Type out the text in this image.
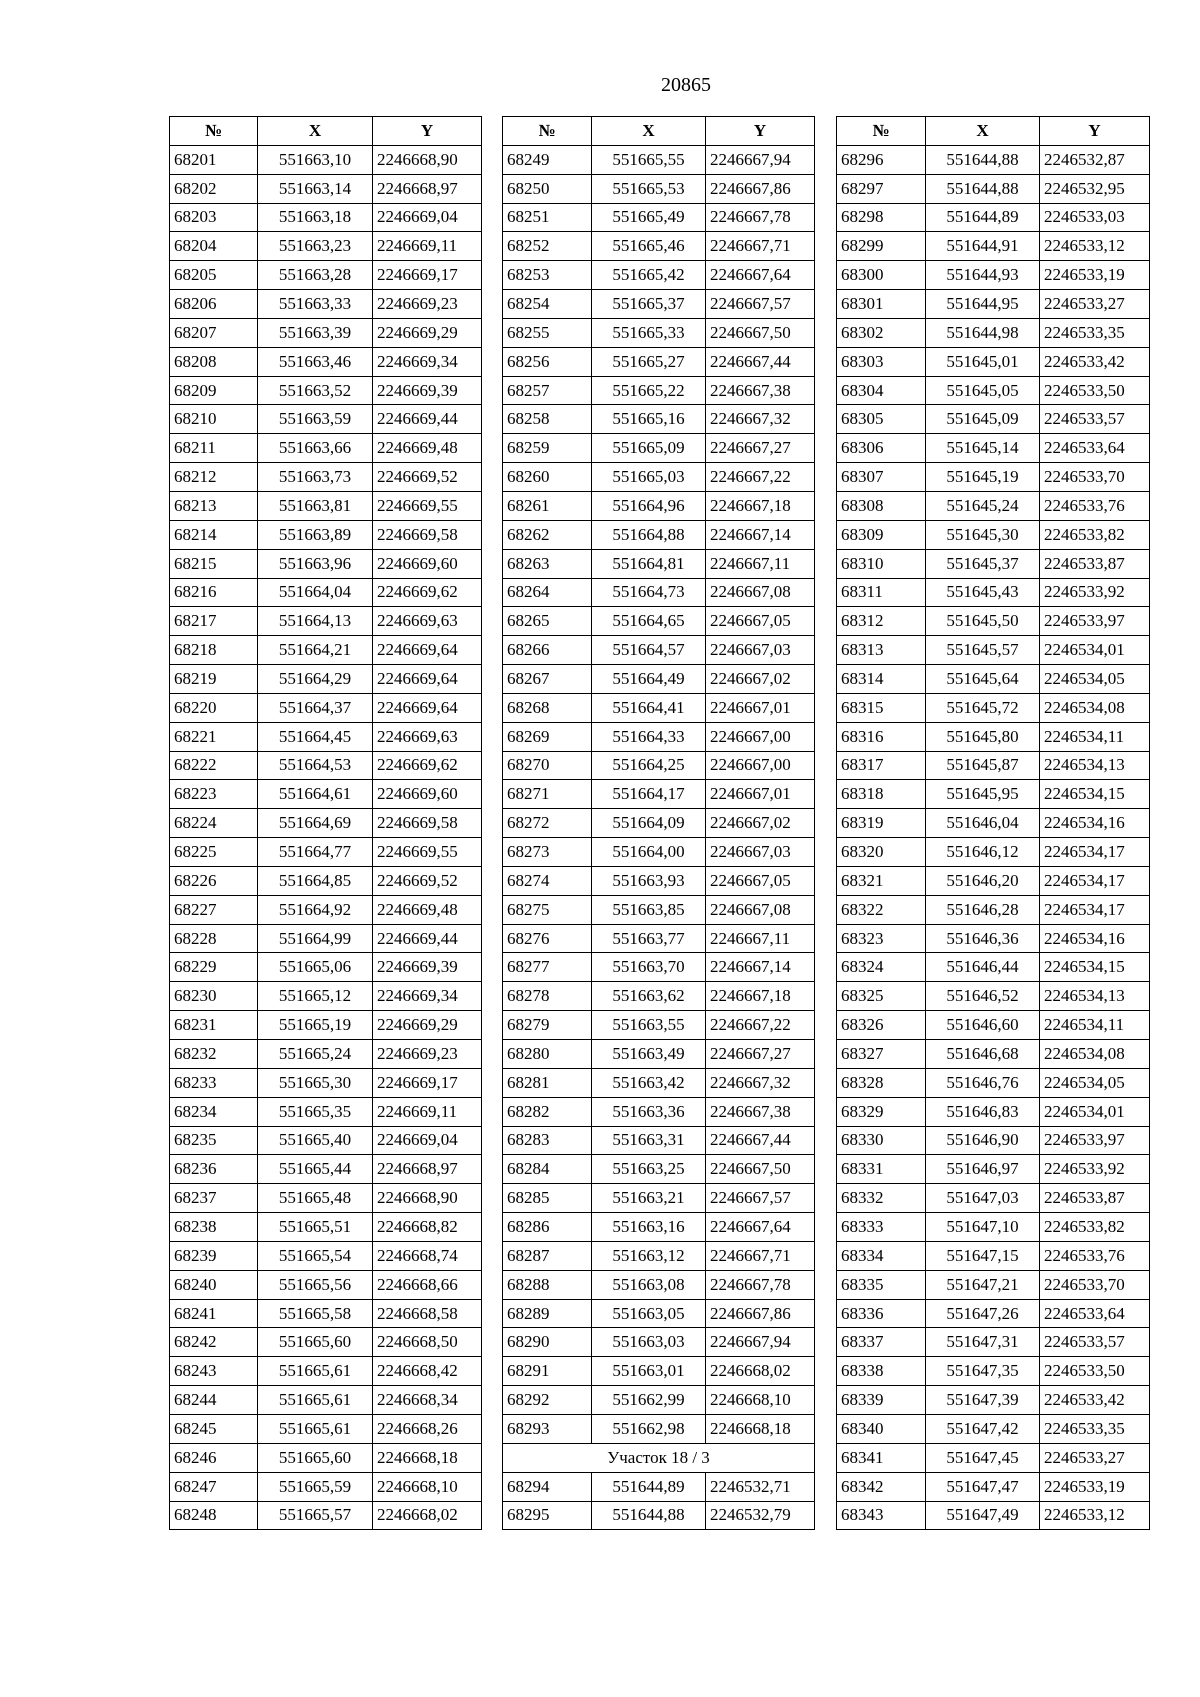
20865
№	X	Y
68201	551663,10	2246668,90
68202	551663,14	2246668,97
68203	551663,18	2246669,04
68204	551663,23	2246669,11
68205	551663,28	2246669,17
68206	551663,33	2246669,23
68207	551663,39	2246669,29
68208	551663,46	2246669,34
68209	551663,52	2246669,39
68210	551663,59	2246669,44
68211	551663,66	2246669,48
68212	551663,73	2246669,52
68213	551663,81	2246669,55
68214	551663,89	2246669,58
68215	551663,96	2246669,60
68216	551664,04	2246669,62
68217	551664,13	2246669,63
68218	551664,21	2246669,64
68219	551664,29	2246669,64
68220	551664,37	2246669,64
68221	551664,45	2246669,63
68222	551664,53	2246669,62
68223	551664,61	2246669,60
68224	551664,69	2246669,58
68225	551664,77	2246669,55
68226	551664,85	2246669,52
68227	551664,92	2246669,48
68228	551664,99	2246669,44
68229	551665,06	2246669,39
68230	551665,12	2246669,34
68231	551665,19	2246669,29
68232	551665,24	2246669,23
68233	551665,30	2246669,17
68234	551665,35	2246669,11
68235	551665,40	2246669,04
68236	551665,44	2246668,97
68237	551665,48	2246668,90
68238	551665,51	2246668,82
68239	551665,54	2246668,74
68240	551665,56	2246668,66
68241	551665,58	2246668,58
68242	551665,60	2246668,50
68243	551665,61	2246668,42
68244	551665,61	2246668,34
68245	551665,61	2246668,26
68246	551665,60	2246668,18
68247	551665,59	2246668,10
68248	551665,57	2246668,02
№	X	Y
68249	551665,55	2246667,94
68250	551665,53	2246667,86
68251	551665,49	2246667,78
68252	551665,46	2246667,71
68253	551665,42	2246667,64
68254	551665,37	2246667,57
68255	551665,33	2246667,50
68256	551665,27	2246667,44
68257	551665,22	2246667,38
68258	551665,16	2246667,32
68259	551665,09	2246667,27
68260	551665,03	2246667,22
68261	551664,96	2246667,18
68262	551664,88	2246667,14
68263	551664,81	2246667,11
68264	551664,73	2246667,08
68265	551664,65	2246667,05
68266	551664,57	2246667,03
68267	551664,49	2246667,02
68268	551664,41	2246667,01
68269	551664,33	2246667,00
68270	551664,25	2246667,00
68271	551664,17	2246667,01
68272	551664,09	2246667,02
68273	551664,00	2246667,03
68274	551663,93	2246667,05
68275	551663,85	2246667,08
68276	551663,77	2246667,11
68277	551663,70	2246667,14
68278	551663,62	2246667,18
68279	551663,55	2246667,22
68280	551663,49	2246667,27
68281	551663,42	2246667,32
68282	551663,36	2246667,38
68283	551663,31	2246667,44
68284	551663,25	2246667,50
68285	551663,21	2246667,57
68286	551663,16	2246667,64
68287	551663,12	2246667,71
68288	551663,08	2246667,78
68289	551663,05	2246667,86
68290	551663,03	2246667,94
68291	551663,01	2246668,02
68292	551662,99	2246668,10
68293	551662,98	2246668,18
Участок 18 / 3		
68294	551644,89	2246532,71
68295	551644,88	2246532,79
№	X	Y
68296	551644,88	2246532,87
68297	551644,88	2246532,95
68298	551644,89	2246533,03
68299	551644,91	2246533,12
68300	551644,93	2246533,19
68301	551644,95	2246533,27
68302	551644,98	2246533,35
68303	551645,01	2246533,42
68304	551645,05	2246533,50
68305	551645,09	2246533,57
68306	551645,14	2246533,64
68307	551645,19	2246533,70
68308	551645,24	2246533,76
68309	551645,30	2246533,82
68310	551645,37	2246533,87
68311	551645,43	2246533,92
68312	551645,50	2246533,97
68313	551645,57	2246534,01
68314	551645,64	2246534,05
68315	551645,72	2246534,08
68316	551645,80	2246534,11
68317	551645,87	2246534,13
68318	551645,95	2246534,15
68319	551646,04	2246534,16
68320	551646,12	2246534,17
68321	551646,20	2246534,17
68322	551646,28	2246534,17
68323	551646,36	2246534,16
68324	551646,44	2246534,15
68325	551646,52	2246534,13
68326	551646,60	2246534,11
68327	551646,68	2246534,08
68328	551646,76	2246534,05
68329	551646,83	2246534,01
68330	551646,90	2246533,97
68331	551646,97	2246533,92
68332	551647,03	2246533,87
68333	551647,10	2246533,82
68334	551647,15	2246533,76
68335	551647,21	2246533,70
68336	551647,26	2246533,64
68337	551647,31	2246533,57
68338	551647,35	2246533,50
68339	551647,39	2246533,42
68340	551647,42	2246533,35
68341	551647,45	2246533,27
68342	551647,47	2246533,19
68343	551647,49	2246533,12
